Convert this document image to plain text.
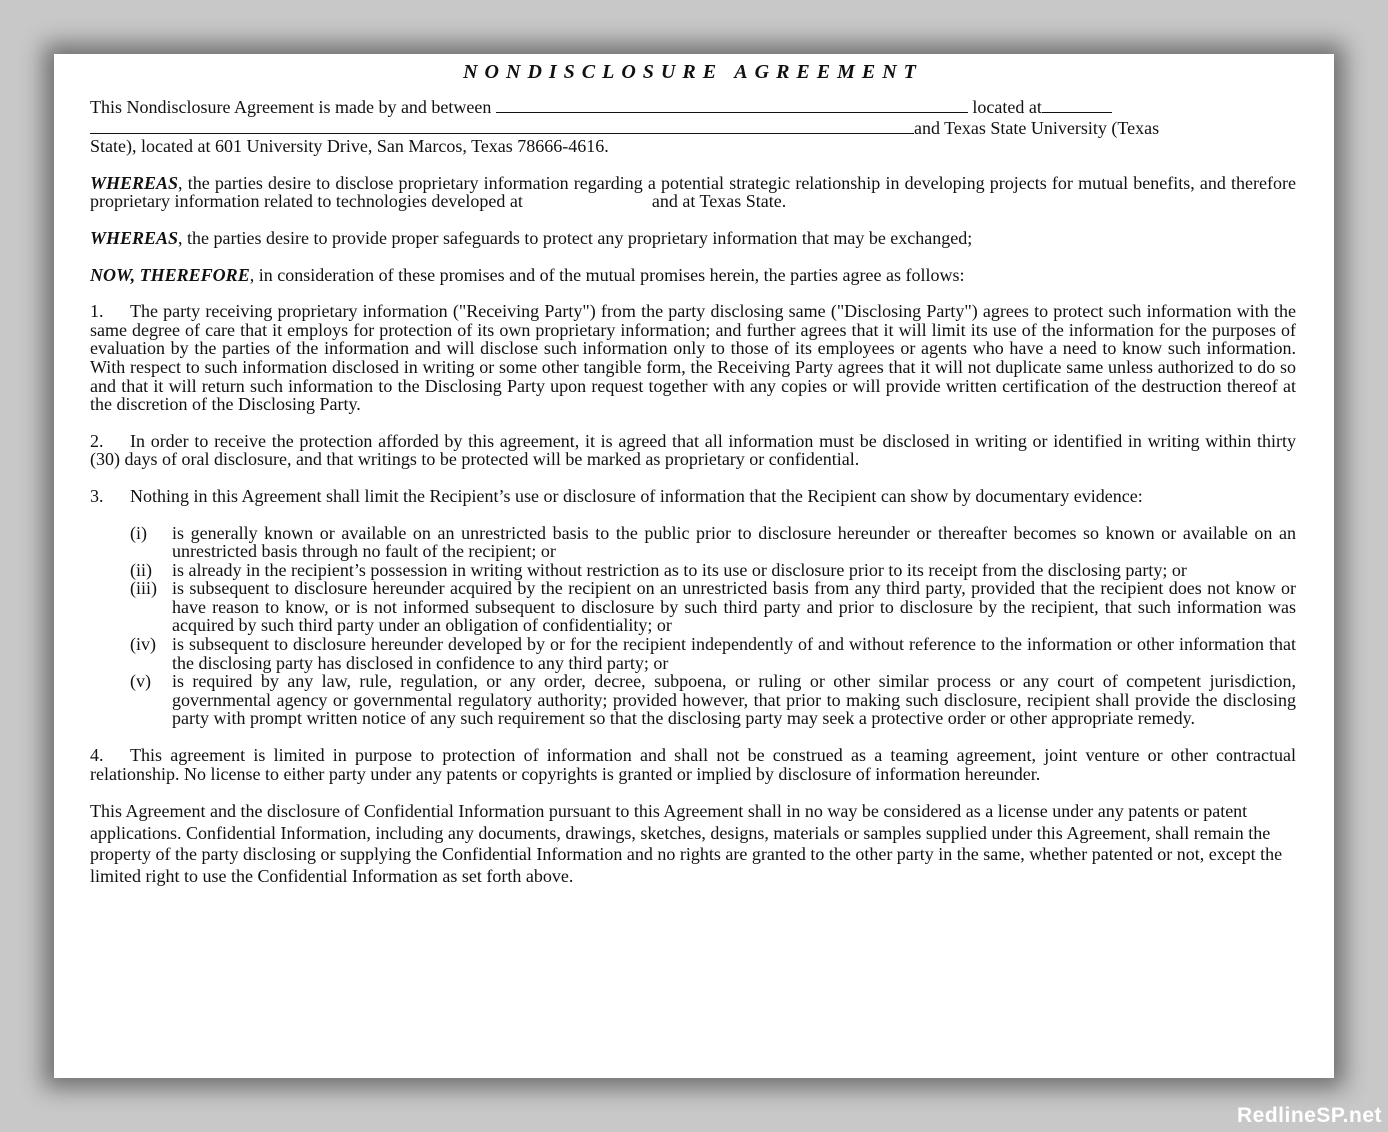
NONDISCLOSURE AGREEMENT
This Nondisclosure Agreement is made by and between	located at
and Texas State University (Texas
State), located at 601 University Drive, San Marcos, Texas 78666-4616.
WHEREAS, the parties desire to disclose proprietary information regarding a potential strategic relationship in developing projects for mutual benefits, and therefore proprietary information related to technologies developed at	and at Texas State.
WHEREAS, the parties desire to provide proper safeguards to protect any proprietary information that may be exchanged;
NOW, THEREFORE, in consideration of these promises and of the mutual promises herein, the parties agree as follows:
1. The party receiving proprietary information ("Receiving Party") from the party disclosing same ("Disclosing Party") agrees to protect such information with the same degree of care that it employs for protection of its own proprietary information; and further agrees that it will limit its use of the information for the purposes of evaluation by the parties of the information and will disclose such information only to those of its employees or agents who have a need to know such information. With respect to such information disclosed in writing or some other tangible form, the Receiving Party agrees that it will not duplicate same unless authorized to do so and that it will return such information to the Disclosing Party upon request together with any copies or will provide written certification of the destruction thereof at the discretion of the Disclosing Party.
2. In order to receive the protection afforded by this agreement, it is agreed that all information must be disclosed in writing or identified in writing within thirty (30) days of oral disclosure, and that writings to be protected will be marked as proprietary or confidential.
3. Nothing in this Agreement shall limit the Recipient’s use or disclosure of information that the Recipient can show by documentary evidence:
(i)	is generally known or available on an unrestricted basis to the public prior to disclosure hereunder or thereafter becomes so known or available on an unrestricted basis through no fault of the recipient; or
(ii)	is already in the recipient’s possession in writing without restriction as to its use or disclosure prior to its receipt from the disclosing party; or
(iii) is subsequent to disclosure hereunder acquired by the recipient on an unrestricted basis from any third party, provided that the recipient does not know or have reason to know, or is not informed subsequent to disclosure by such third party and prior to disclosure by the recipient, that such information was acquired by such third party under an obligation of confidentiality; or
(iv) is subsequent to disclosure hereunder developed by or for the recipient independently of and without reference to the information or other information that the disclosing party has disclosed in confidence to any third party; or
(v)	is required by any law, rule, regulation, or any order, decree, subpoena, or ruling or other similar process or any court of competent jurisdiction, governmental agency or governmental regulatory authority; provided however, that prior to making such disclosure, recipient shall provide the disclosing party with prompt written notice of any such requirement so that the disclosing party may seek a protective order or other appropriate remedy.
4. This agreement is limited in purpose to protection of information and shall not be construed as a teaming agreement, joint venture or other contractual relationship. No license to either party under any patents or copyrights is granted or implied by disclosure of information hereunder.
This Agreement and the disclosure of Confidential Information pursuant to this Agreement shall in no way be considered as a license under any patents or patent applications. Confidential Information, including any documents, drawings, sketches, designs, materials or samples supplied under this Agreement, shall remain the property of the party disclosing or supplying the Confidential Information and no rights are granted to the other party in the same, whether patented or not, except the limited right to use the Confidential Information as set forth above.
RedlineSP.net
